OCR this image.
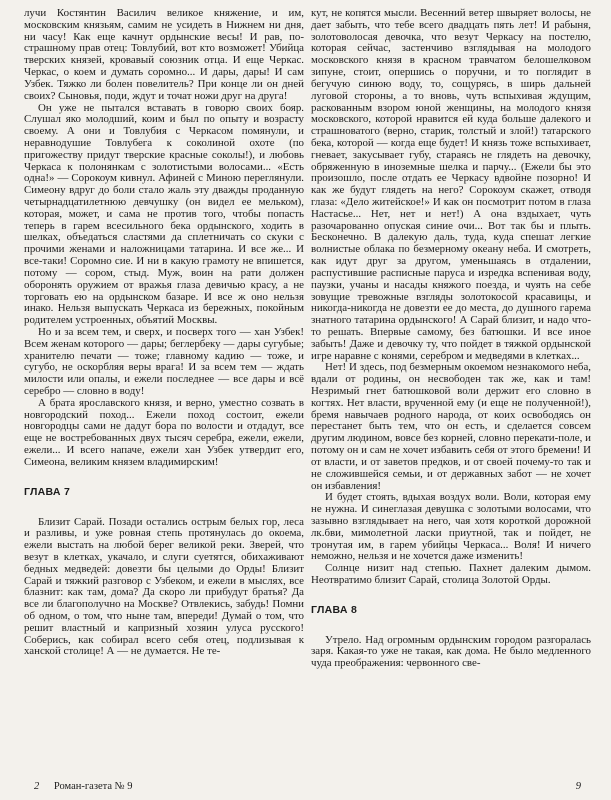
лучи Костянтин Василич великое княжение, и им, московским князьям, самим не усидеть в Нижнем ни дня, ни часу! Как еще качнут ордынские весы! И рав, по-страшному прав отец: Товлубий, вот кто возможет! Убийца тверских князей, кровавый союзник отца. И еще Черкас. Черкас, о коем и думать соромно... И дары, дары! И сам Узбек. Тяжко ли болен повелитель? При конце ли он дней своих? Сыновья, поди, ждут и точат ножи друг на друга!

Он уже не пытался вставать в говорю своих бояр. Слушал яко молодший, коим и был по опыту и возрасту своему. А они и Товлубия с Черкасом помянули, и неравнодушие Товлубега к соколиной охоте (по пригожеству придут тверские красные соколы!), и любовь Черкаса к полонянкам с золотистыми волосами... «Есть одна!» — Сорокоум кивнул. Афиней с Миною переглянули. Симеону вдруг до боли стало жаль эту дважды проданную четырнадцатилетнюю девчушку (он видел ее мельком), которая, может, и сама не против того, чтобы попасть теперь в гарем всесильного бека ордынского, ходить в шелках, объедаться сластями да сплетничать со скуки с прочими женами и наложницами татарина. И все же... И все-таки! Соромно сие. И ни в какую грамоту не впишется, потому — сором, стыд. Муж, воин на рати должен оборонять оружием от вражья глаза девичью красу, а не торговать ею на ордынском базаре. И все ж оно нельзя инако. Нельзя выпускать Черкаса из бережных, покойным родителем устроенных, объятий Москвы.

Но и за всем тем, и сверх, и посверх того — хан Узбек! Всем женам которого — дары; беглербеку — дары сугубые; хранителю печати — тоже; главному кадию — тоже, и сугубо, не оскорбляя веры врага! И за всем тем — ждать милости или опалы, и ежели последнее — все дары и всё серебро — словно в воду!

А брата ярославского князя, и верно, уместно созвать в новгородский поход... Ежели поход состоит, ежели новгородцы сами не дадут бора по волости и отдадут, все еще не востребованных двух тысяч серебра, ежели, ежели, ежели... И всего напаче, ежели хан Узбек утвердит его, Симеона, великим князем владимирским!

ГЛАВА 7

Близит Сарай. Позади остались острым белых гор, леса и разливы, и уже ровная степь протянулась до окоема, ежели выстать на любой берег великой реки. Зверей, что везут в клетках, укачало, и слуги суетятся, обихаживают бедных медведей: довезти бы целыми до Орды! Близит Сарай и тяжкий разговор с Узбеком, и ежели в мыслях, все блазнит: как там, дома? Да скоро ли прибудут братья? Да все ли благополучно на Москве? Отвлекись, забудь! Помни об одном, о том, что ныне там, впереди! Думай о том, что решит властный и капризный хозяин улуса русского! Соберись, как собирал всего себя отец, подлизывая к ханской столице! А — не думается. Не те-

кут, не копятся мысли. Весенний ветер швыряет волосы, не дает забыть, что тебе всего двадцать пять лет! И рабыня, золотоволосая девочка, что везут Черкасу на постелю, которая сейчас, застенчиво взглядывая на молодого московского князя в красном травчатом белошелковом зипуне, стоит, опершись о поручни, и то поглядит в бегучую синюю воду, то, сощурясь, в ширь дальней луговой стороны, а то вновь, чуть вспыхивая ждущим, раскованным взором юной женщины, на молодого князя московского, которой нравится ей куда больше далекого и страшноватого (верно, старик, толстый и злой!) татарского бека, которой — когда еще будет! И князь тоже вспыхивает, гневает, закусывает губу, стараясь не глядеть на девочку, обряженную в иноземные шелка и парчу... (Ежели бы это произошло, после отдать ее Черкасу вдвойне позорно! И как же будут глядеть на него? Сорокоум скажет, отводя глаза: «Дело житейское!» И как он посмотрит потом в глаза Настасье... Нет, нет и нет!) А она вздыхает, чуть разочарованно опуская синие очи... Вот так бы и плыть. Бесконечно. В далекую даль, туда, куда спешат легкие волнистые облака по безмерному океану неба. И смотреть, как идут друг за другом, уменьшаясь в отдалении, распустившие расписные паруса и изредка вспенивая воду, паузки, учаны и насады княжого поезда, и чуять на себе зовущие тревожные взгляды золотокосой красавицы, и никогда-никогда не довезти ее до места, до душного гарема знатного татарина ордынского! А Сарай близит, и надо что-то решать. Впервые самому, без батюшки. И все иное забыть! Даже и девочку ту, что пойдет в тяжкой ордынской игре наравне с конями, серебром и медведями в клетках...

Нет! И здесь, под безмерным окоемом незнакомого неба, вдали от родины, он несвободен так же, как и там! Незримый гнет батюшковой воли держит его словно в когтях. Нет власти, врученной ему (и еще не полученной!), бремя навычаев родного народа, от коих освободясь он перестанет быть тем, что он есть, и сделается совсем другим людином, вовсе без корней, словно перекати-поле, и потому он и сам не хочет избавить себя от этого бремени! И от власти, и от заветов предков, и от своей почему-то так и не сложившейся семьи, и от державных забот — не хочет он избавления!

И будет стоять, вдыхая воздух воли. Воли, которая ему не нужна. И синеглазая девушка с золотыми волосами, что зазывно взглядывает на него, чая хотя короткой дорожной лк.бви, мимолетной ласки приутной, так и пойдет, не тронутая им, в гарем убийцы Черкаса... Воля! И ничего неможно, нельзя и не хочется даже изменить!

Солнце низит над степью. Пахнет далеким дымом. Неотвратимо близит Сарай, столица Золотой Орды.

ГЛАВА 8

Утрело. Над огромным ордынским городом разгоралась заря. Какая-то уже не такая, как дома. Не было медленного чуда преображения: червонного све-

2 Роман-газета № 9	9
